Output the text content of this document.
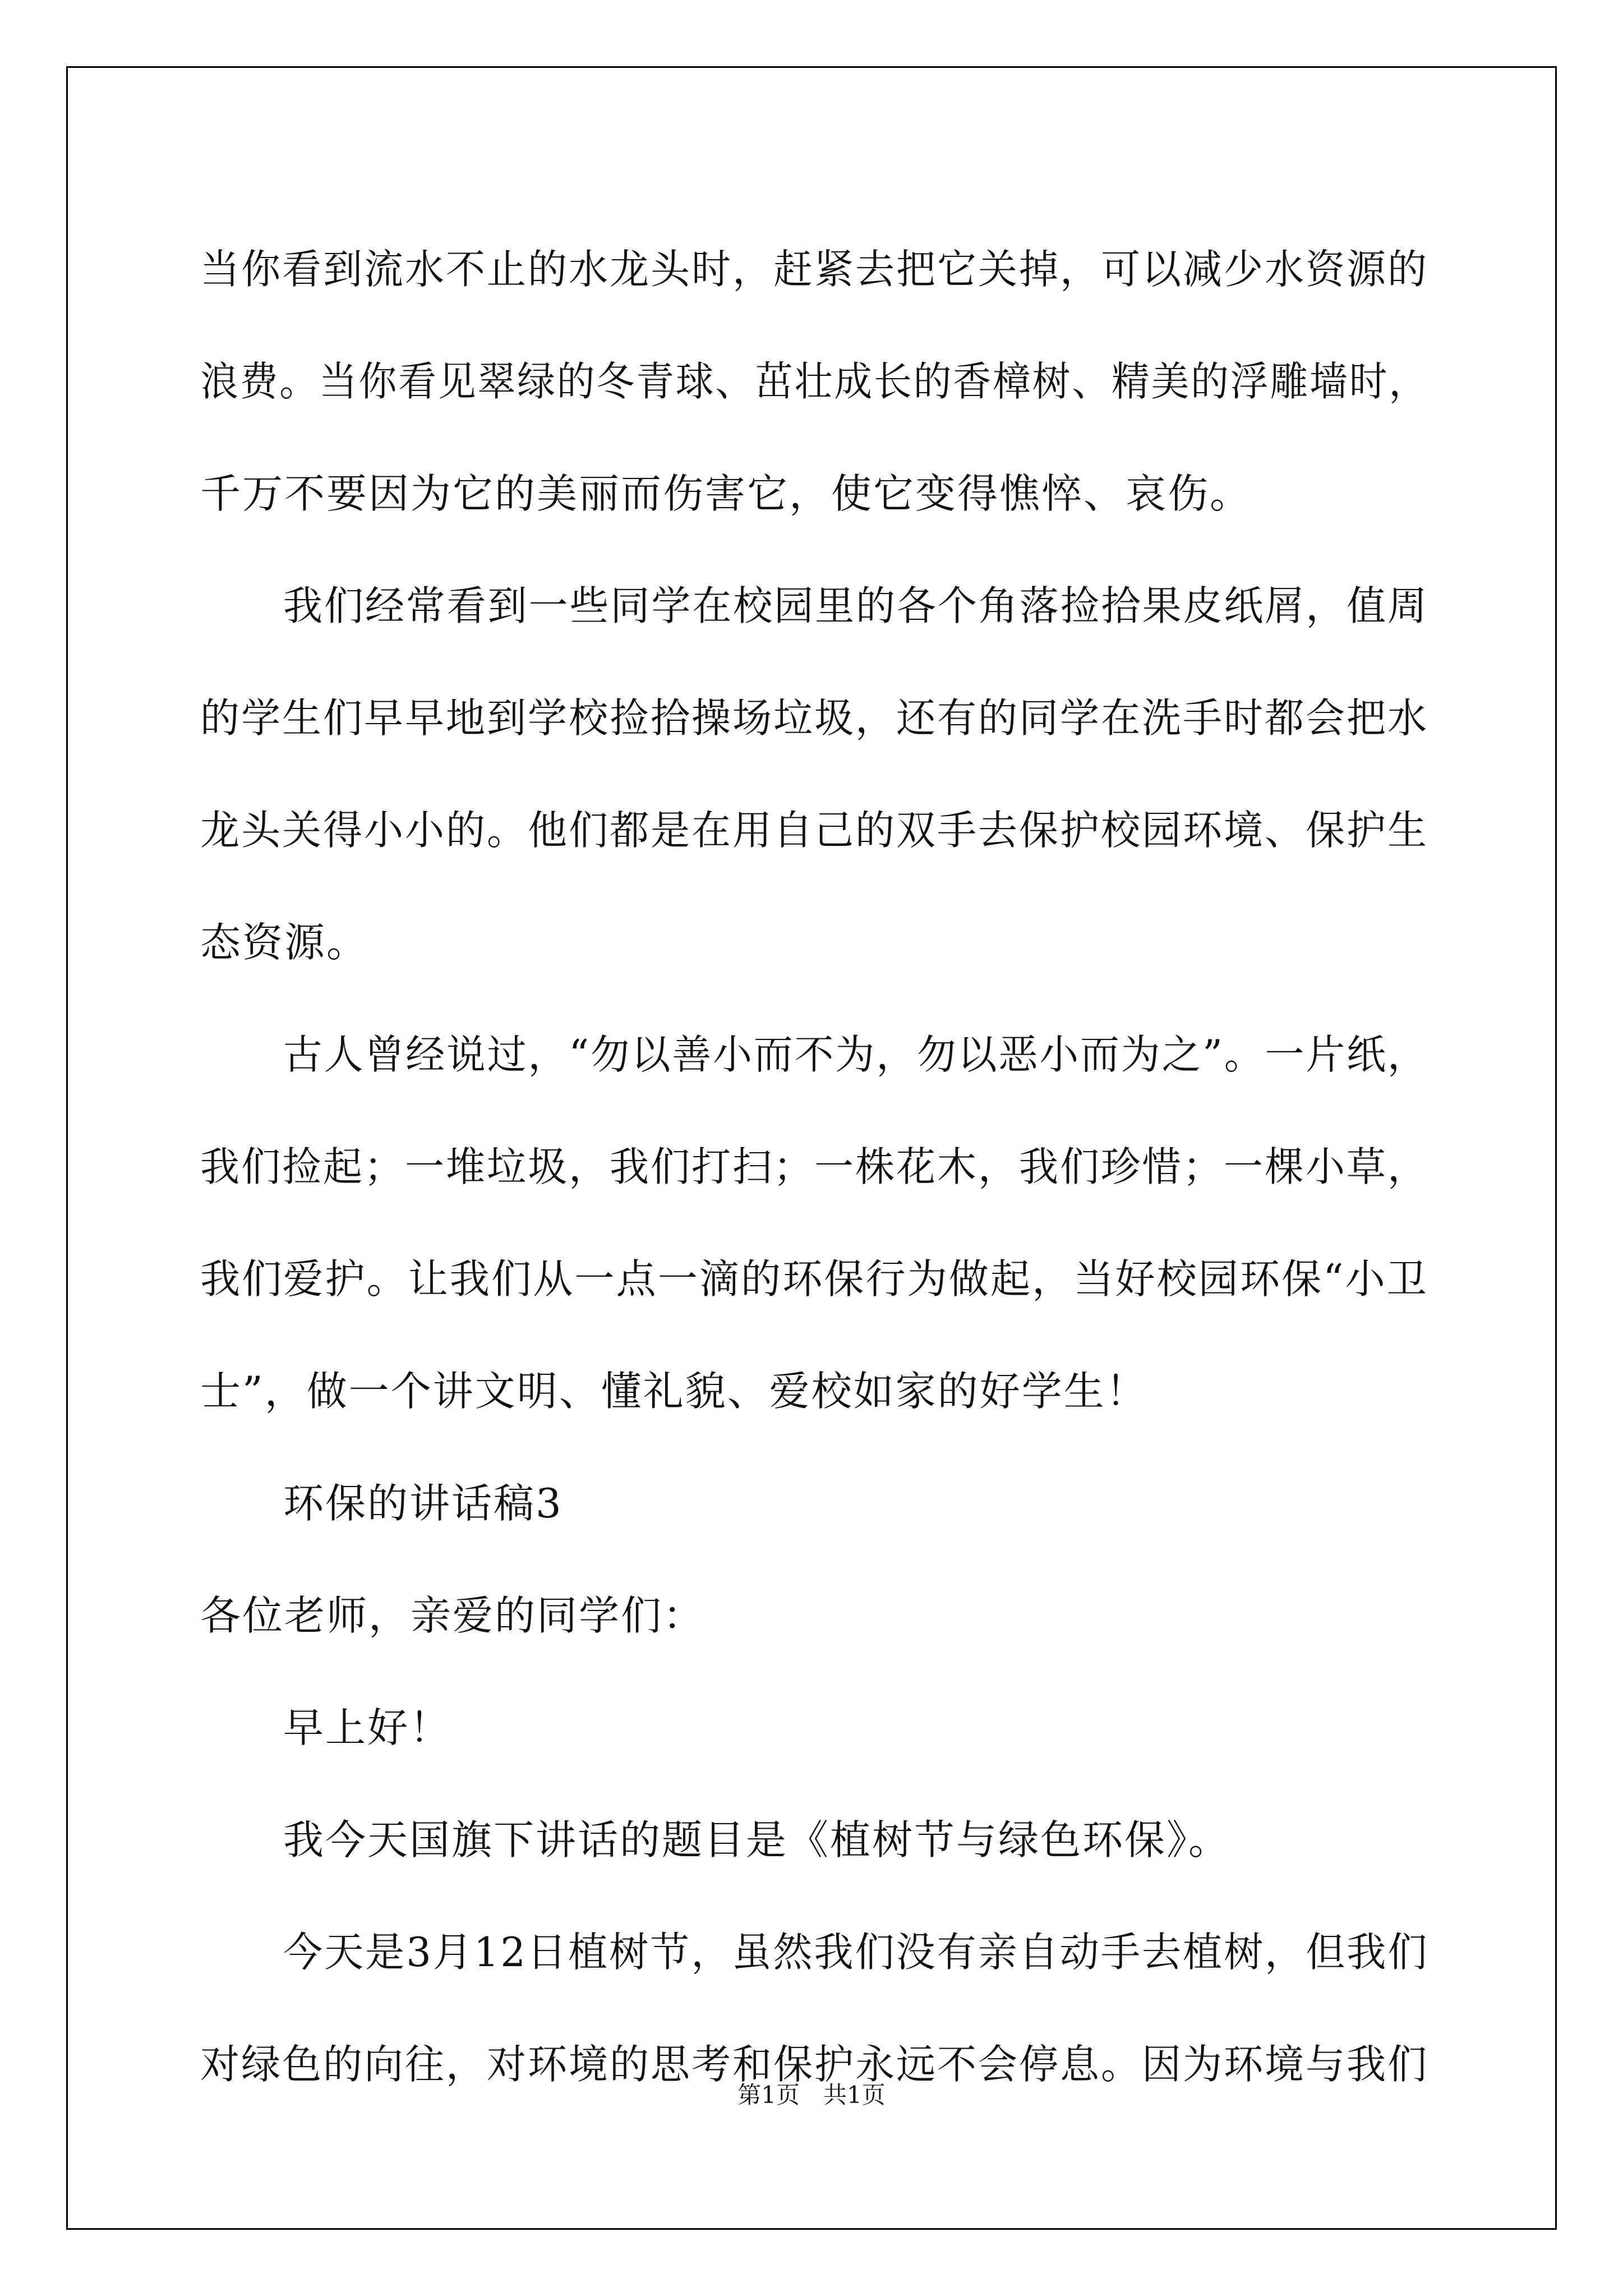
当你看到流水不止的水龙头时，赶紧去把它关掉，可以减少水资源的
浪费。当你看见翠绿的冬青球、茁壮成长的香樟树、精美的浮雕墙时，
千万不要因为它的美丽而伤害它，使它变得憔悴、哀伤。
我们经常看到一些同学在校园里的各个角落捡拾果皮纸屑，值周
的学生们早早地到学校捡拾操场垃圾，还有的同学在洗手时都会把水
龙头关得小小的。他们都是在用自己的双手去保护校园环境、保护生
态资源。
古人曾经说过，“勿以善小而不为，勿以恶小而为之”。一片纸，
我们捡起；一堆垃圾，我们打扫；一株花木，我们珍惜；一棵小草，
我们爱护。让我们从一点一滴的环保行为做起，当好校园环保“小卫
士”，做一个讲文明、懂礼貌、爱校如家的好学生！
环保的讲话稿3
各位老师，亲爱的同学们：
早上好！
我今天国旗下讲话的题目是《植树节与绿色环保》。
今天是3月12日植树节，虽然我们没有亲自动手去植树，但我们
对绿色的向往，对环境的思考和保护永远不会停息。因为环境与我们
第1页　共1页
